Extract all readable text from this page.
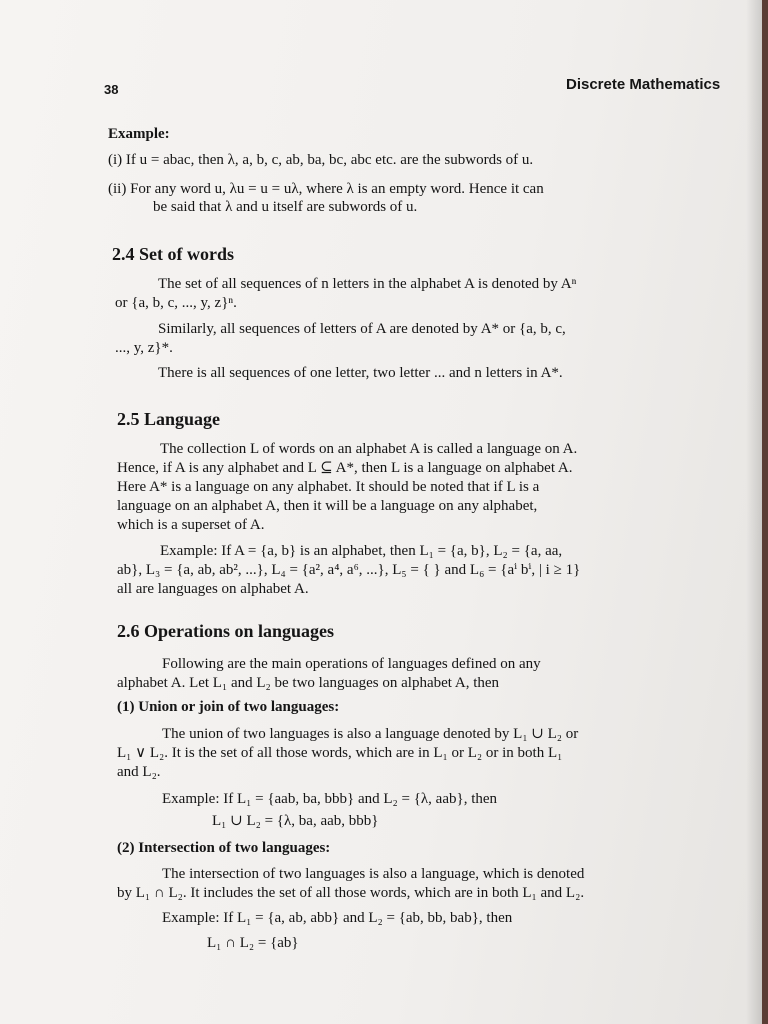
38	Discrete Mathematics
2.4 Set of words
2.5 Language
2.6 Operations on languages
Example:
(i) If u = abac, then λ, a, b, c, ab, ba, bc, abc etc. are the subwords of u.
(ii) For any word u, λu = u = uλ, where λ is an empty word. Hence it can
be said that λ and u itself are subwords of u.
The set of all sequences of n letters in the alphabet A is denoted by Aⁿ
or {a, b, c, ..., y, z}ⁿ.
Similarly, all sequences of letters of A are denoted by A* or {a, b, c,
..., y, z}*.
There is all sequences of one letter, two letter ... and n letters in A*.
The collection L of words on an alphabet A is called a language on A.
Hence, if A is any alphabet and L ⊆ A*, then L is a language on alphabet A.
Here A* is a language on any alphabet. It should be noted that if L is a
language on an alphabet A, then it will be a language on any alphabet,
which is a superset of A.
Example: If A = {a, b} is an alphabet, then L₁ = {a, b}, L₂ = {a, aa,
ab}, L₃ = {a, ab, ab², ...}, L₄ = {a², a⁴, a⁶, ...}, L₅ = { } and L₆ = {aⁱ bⁱ, | i ≥ 1}
all are languages on alphabet A.
Following are the main operations of languages defined on any
alphabet A. Let L₁ and L₂ be two languages on alphabet A, then
(1) Union or join of two languages:
The union of two languages is also a language denoted by L₁ ∪ L₂ or
L₁ ∨ L₂. It is the set of all those words, which are in L₁ or L₂ or in both L₁
and L₂.
Example: If L₁ = {aab, ba, bbb} and L₂ = {λ, aab}, then
L₁ ∪ L₂ = {λ, ba, aab, bbb}
(2) Intersection of two languages:
The intersection of two languages is also a language, which is denoted
by L₁ ∩ L₂. It includes the set of all those words, which are in both L₁ and L₂.
Example: If L₁ = {a, ab, abb} and L₂ = {ab, bb, bab}, then
L₁ ∩ L₂ = {ab}
